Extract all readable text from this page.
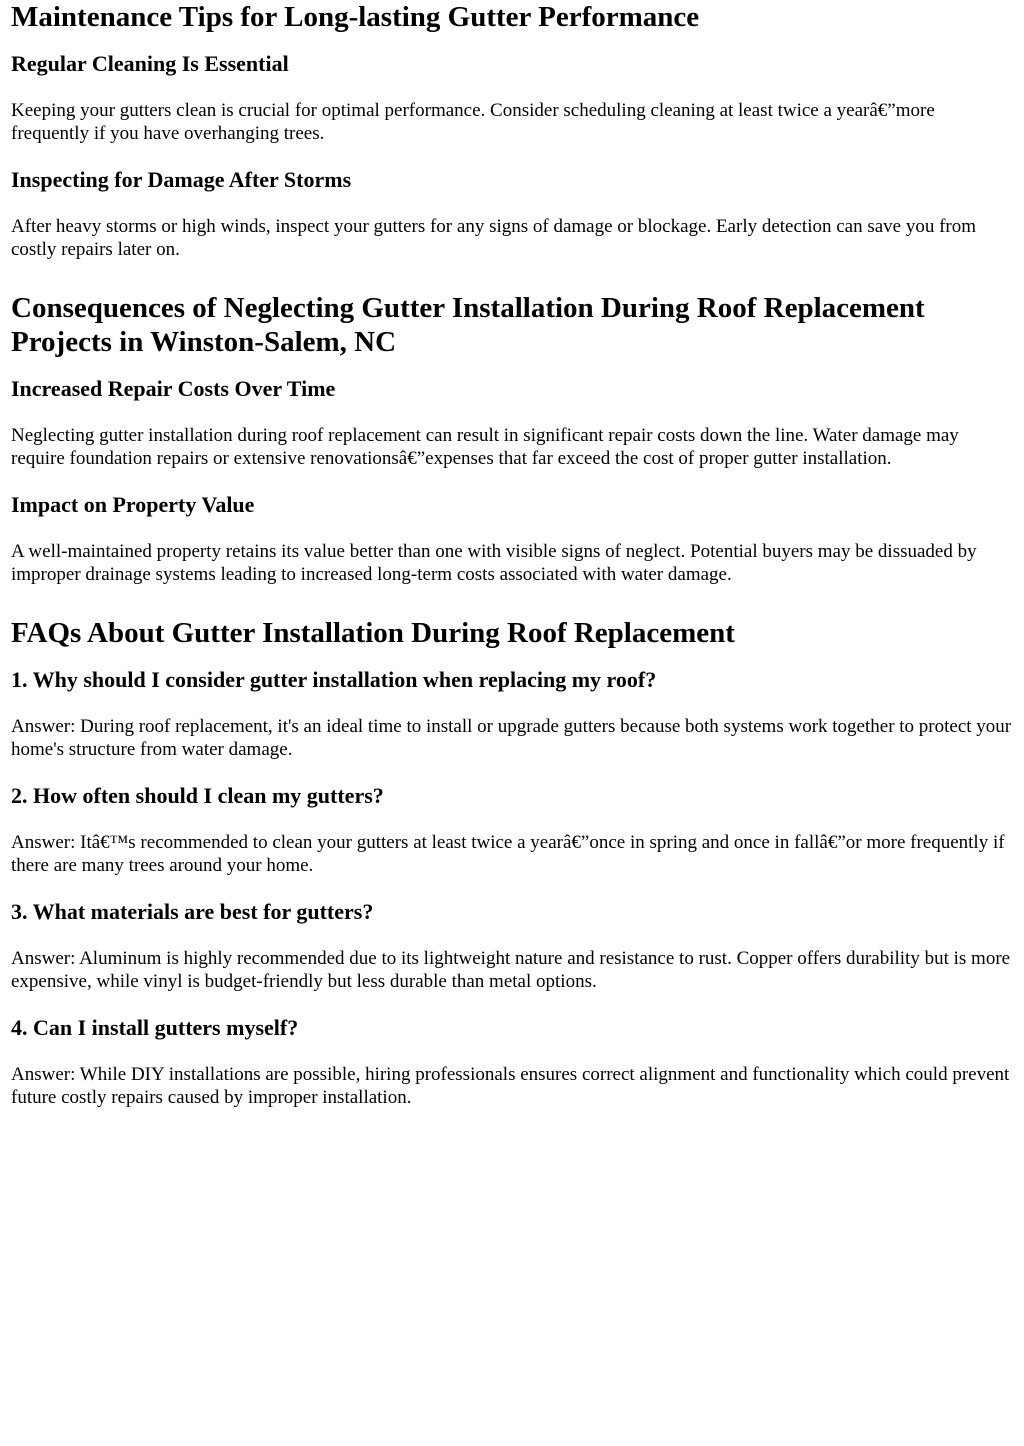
Maintenance Tips for Long-lasting Gutter Performance
Regular Cleaning Is Essential

Keeping your gutters clean is crucial for optimal performance. Consider scheduling cleaning at least twice a yearâ€”more frequently if you have overhanging trees.

Inspecting for Damage After Storms

After heavy storms or high winds, inspect your gutters for any signs of damage or blockage. Early detection can save you from costly repairs later on.

Consequences of Neglecting Gutter Installation During Roof Replacement Projects in Winston-Salem, NC
Increased Repair Costs Over Time

Neglecting gutter installation during roof replacement can result in significant repair costs down the line. Water damage may require foundation repairs or extensive renovationsâ€”expenses that far exceed the cost of proper gutter installation.

Impact on Property Value

A well-maintained property retains its value better than one with visible signs of neglect. Potential buyers may be dissuaded by improper drainage systems leading to increased long-term costs associated with water damage.

FAQs About Gutter Installation During Roof Replacement
1. Why should I consider gutter installation when replacing my roof?

Answer: During roof replacement, it's an ideal time to install or upgrade gutters because both systems work together to protect your home's structure from water damage.

2. How often should I clean my gutters?

Answer: Itâ€™s recommended to clean your gutters at least twice a yearâ€”once in spring and once in fallâ€”or more frequently if there are many trees around your home.

3. What materials are best for gutters?

Answer: Aluminum is highly recommended due to its lightweight nature and resistance to rust. Copper offers durability but is more expensive, while vinyl is budget-friendly but less durable than metal options.

4. Can I install gutters myself?

Answer: While DIY installations are possible, hiring professionals ensures correct alignment and functionality which could prevent future costly repairs caused by improper installation.
